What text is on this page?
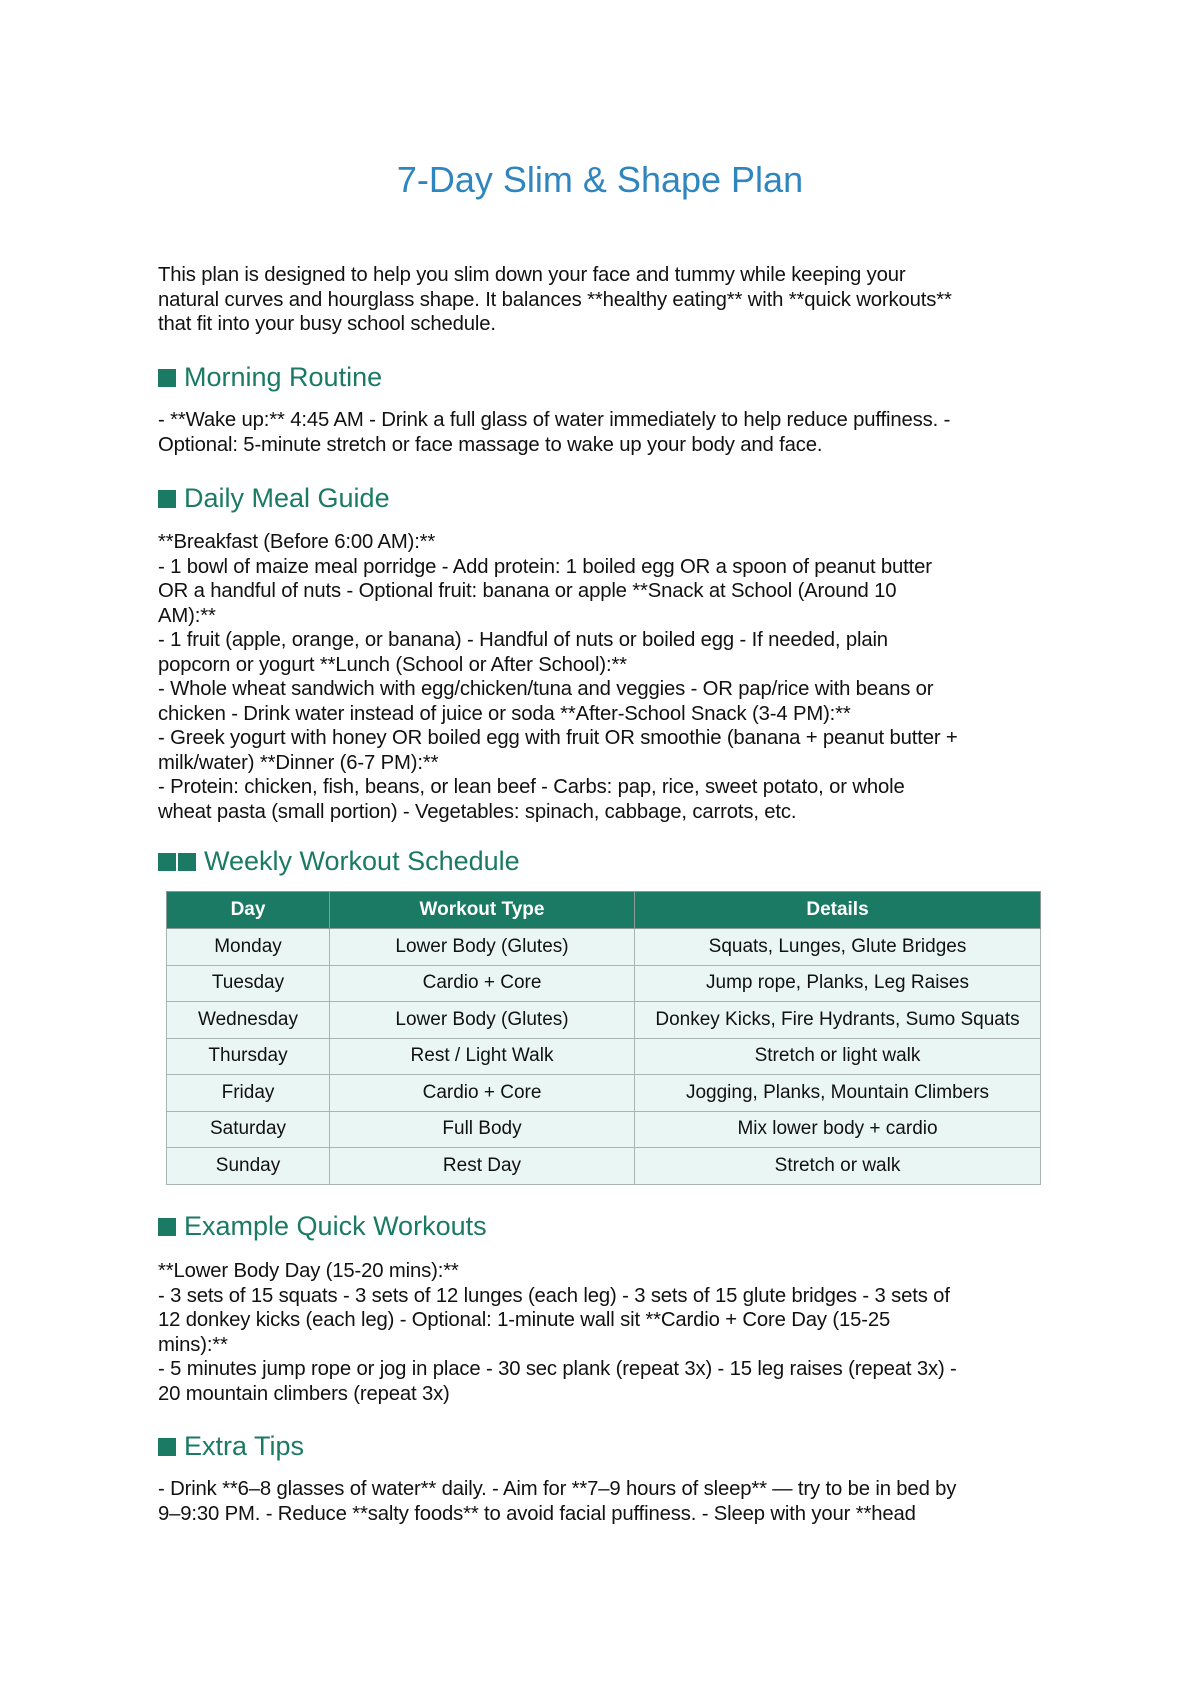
7-Day Slim & Shape Plan
This plan is designed to help you slim down your face and tummy while keeping your
natural curves and hourglass shape. It balances **healthy eating** with **quick workouts**
that fit into your busy school schedule.
Morning Routine
- **Wake up:** 4:45 AM - Drink a full glass of water immediately to help reduce puffiness. -
Optional: 5-minute stretch or face massage to wake up your body and face.
Daily Meal Guide
**Breakfast (Before 6:00 AM):**
- 1 bowl of maize meal porridge - Add protein: 1 boiled egg OR a spoon of peanut butter
OR a handful of nuts - Optional fruit: banana or apple **Snack at School (Around 10
AM):**
- 1 fruit (apple, orange, or banana) - Handful of nuts or boiled egg - If needed, plain
popcorn or yogurt **Lunch (School or After School):**
- Whole wheat sandwich with egg/chicken/tuna and veggies - OR pap/rice with beans or
chicken - Drink water instead of juice or soda **After-School Snack (3-4 PM):**
- Greek yogurt with honey OR boiled egg with fruit OR smoothie (banana + peanut butter +
milk/water) **Dinner (6-7 PM):**
- Protein: chicken, fish, beans, or lean beef - Carbs: pap, rice, sweet potato, or whole
wheat pasta (small portion) - Vegetables: spinach, cabbage, carrots, etc.
Weekly Workout Schedule
Day	Workout Type	Details
Monday	Lower Body (Glutes)	Squats, Lunges, Glute Bridges
Tuesday	Cardio + Core	Jump rope, Planks, Leg Raises
Wednesday	Lower Body (Glutes)	Donkey Kicks, Fire Hydrants, Sumo Squats
Thursday	Rest / Light Walk	Stretch or light walk
Friday	Cardio + Core	Jogging, Planks, Mountain Climbers
Saturday	Full Body	Mix lower body + cardio
Sunday	Rest Day	Stretch or walk
Example Quick Workouts
**Lower Body Day (15-20 mins):**
- 3 sets of 15 squats - 3 sets of 12 lunges (each leg) - 3 sets of 15 glute bridges - 3 sets of
12 donkey kicks (each leg) - Optional: 1-minute wall sit **Cardio + Core Day (15-25
mins):**
- 5 minutes jump rope or jog in place - 30 sec plank (repeat 3x) - 15 leg raises (repeat 3x) -
20 mountain climbers (repeat 3x)
Extra Tips
- Drink **6–8 glasses of water** daily. - Aim for **7–9 hours of sleep** — try to be in bed by
9–9:30 PM. - Reduce **salty foods** to avoid facial puffiness. - Sleep with your **head
